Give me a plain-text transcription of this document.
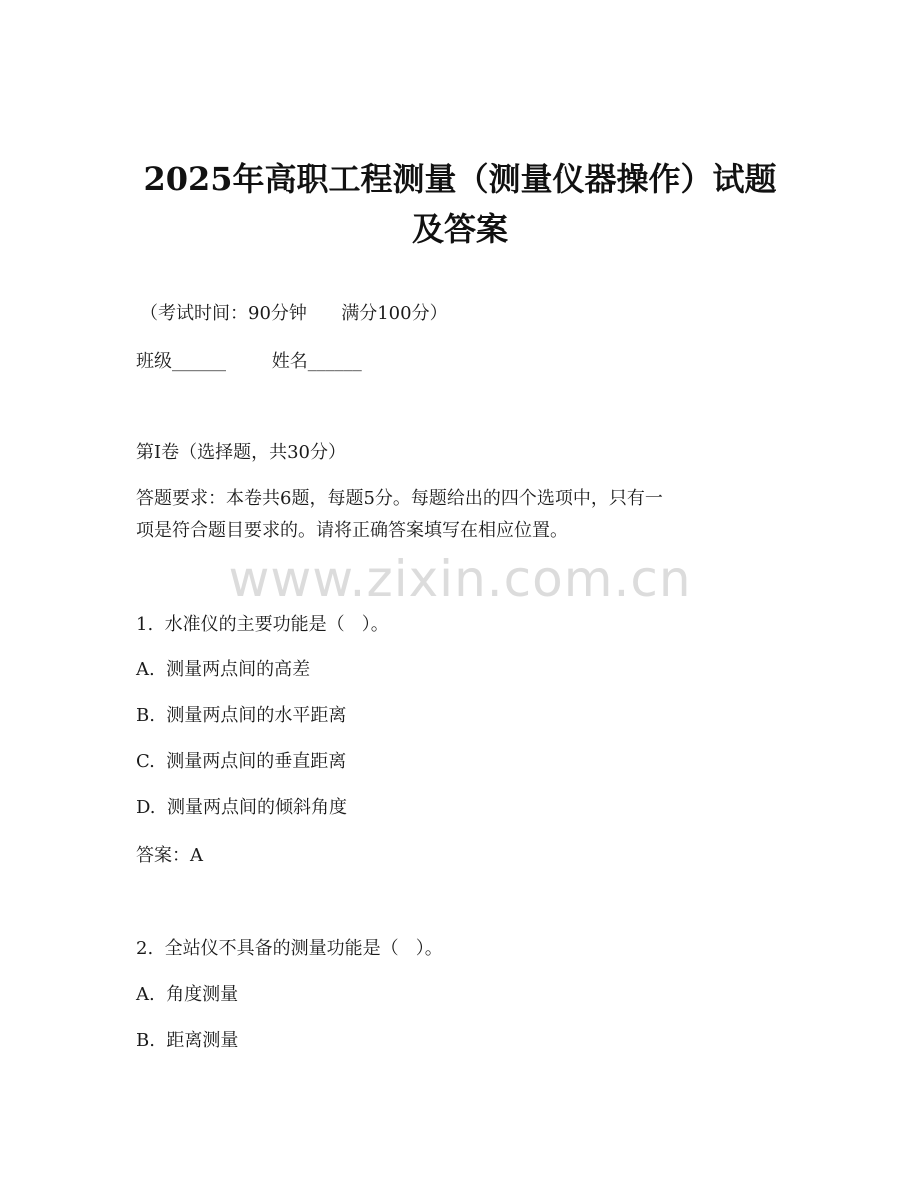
2025年高职工程测量（测量仪器操作）试题
及答案
（考试时间：90分钟      满分100分）
班级______        姓名______
第I卷（选择题，共30分）
答题要求：本卷共6题，每题5分。每题给出的四个选项中，只有一
项是符合题目要求的。请将正确答案填写在相应位置。
www.zixin.com.cn
1.  水准仪的主要功能是（   ）。
A.  测量两点间的高差
B.  测量两点间的水平距离
C.  测量两点间的垂直距离
D.  测量两点间的倾斜角度
答案：A
2.  全站仪不具备的测量功能是（   ）。
A.  角度测量
B.  距离测量
